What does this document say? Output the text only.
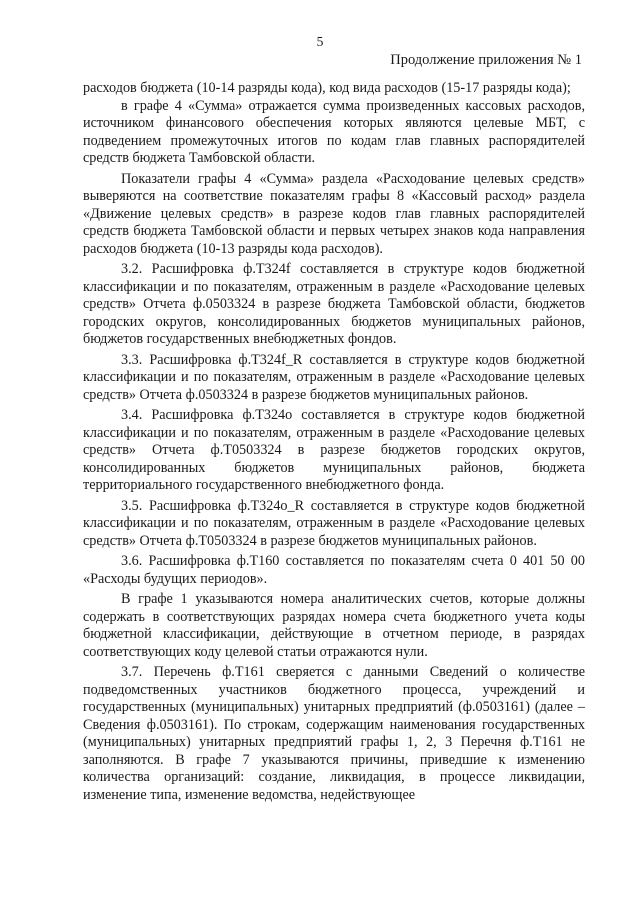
5
Продолжение приложения № 1

расходов бюджета (10-14 разряды кода), код вида расходов (15-17 разряды кода);

в графе 4 «Сумма» отражается сумма произведенных кассовых расходов, источником финансового обеспечения которых являются целевые МБТ, с подведением промежуточных итогов по кодам глав главных распорядителей средств бюджета Тамбовской области.

Показатели графы 4 «Сумма» раздела «Расходование целевых средств» выверяются на соответствие показателям графы 8 «Кассовый расход» раздела «Движение целевых средств» в разрезе кодов глав главных распорядителей средств бюджета Тамбовской области и первых четырех знаков кода направления расходов бюджета (10-13 разряды кода расходов).

3.2. Расшифровка ф.Т324f составляется в структуре кодов бюджетной классификации и по показателям, отраженным в разделе «Расходование целевых средств» Отчета ф.0503324 в разрезе бюджета Тамбовской области, бюджетов городских округов, консолидированных бюджетов муниципальных районов, бюджетов государственных внебюджетных фондов.

3.3. Расшифровка ф.Т324f_R составляется в структуре кодов бюджетной классификации и по показателям, отраженным в разделе «Расходование целевых средств» Отчета ф.0503324 в разрезе бюджетов муниципальных районов.

3.4. Расшифровка ф.Т324o составляется в структуре кодов бюджетной классификации и по показателям, отраженным в разделе «Расходование целевых средств» Отчета ф.Т0503324 в разрезе бюджетов городских округов, консолидированных бюджетов муниципальных районов, бюджета территориального государственного внебюджетного фонда.

3.5. Расшифровка ф.Т324o_R составляется в структуре кодов бюджетной классификации и по показателям, отраженным в разделе «Расходование целевых средств» Отчета ф.Т0503324 в разрезе бюджетов муниципальных районов.

3.6. Расшифровка ф.Т160 составляется по показателям счета 0 401 50 00 «Расходы будущих периодов».

В графе 1 указываются номера аналитических счетов, которые должны содержать в соответствующих разрядах номера счета бюджетного учета коды бюджетной классификации, действующие в отчетном периоде, в разрядах соответствующих коду целевой статьи отражаются нули.

3.7. Перечень ф.Т161 сверяется с данными Сведений о количестве подведомственных участников бюджетного процесса, учреждений и государственных (муниципальных) унитарных предприятий (ф.0503161) (далее – Сведения ф.0503161). По строкам, содержащим наименования государственных (муниципальных) унитарных предприятий графы 1, 2, 3 Перечня ф.Т161 не заполняются. В графе 7 указываются причины, приведшие к изменению количества организаций: создание, ликвидация, в процессе ликвидации, изменение типа, изменение ведомства, недействующее
